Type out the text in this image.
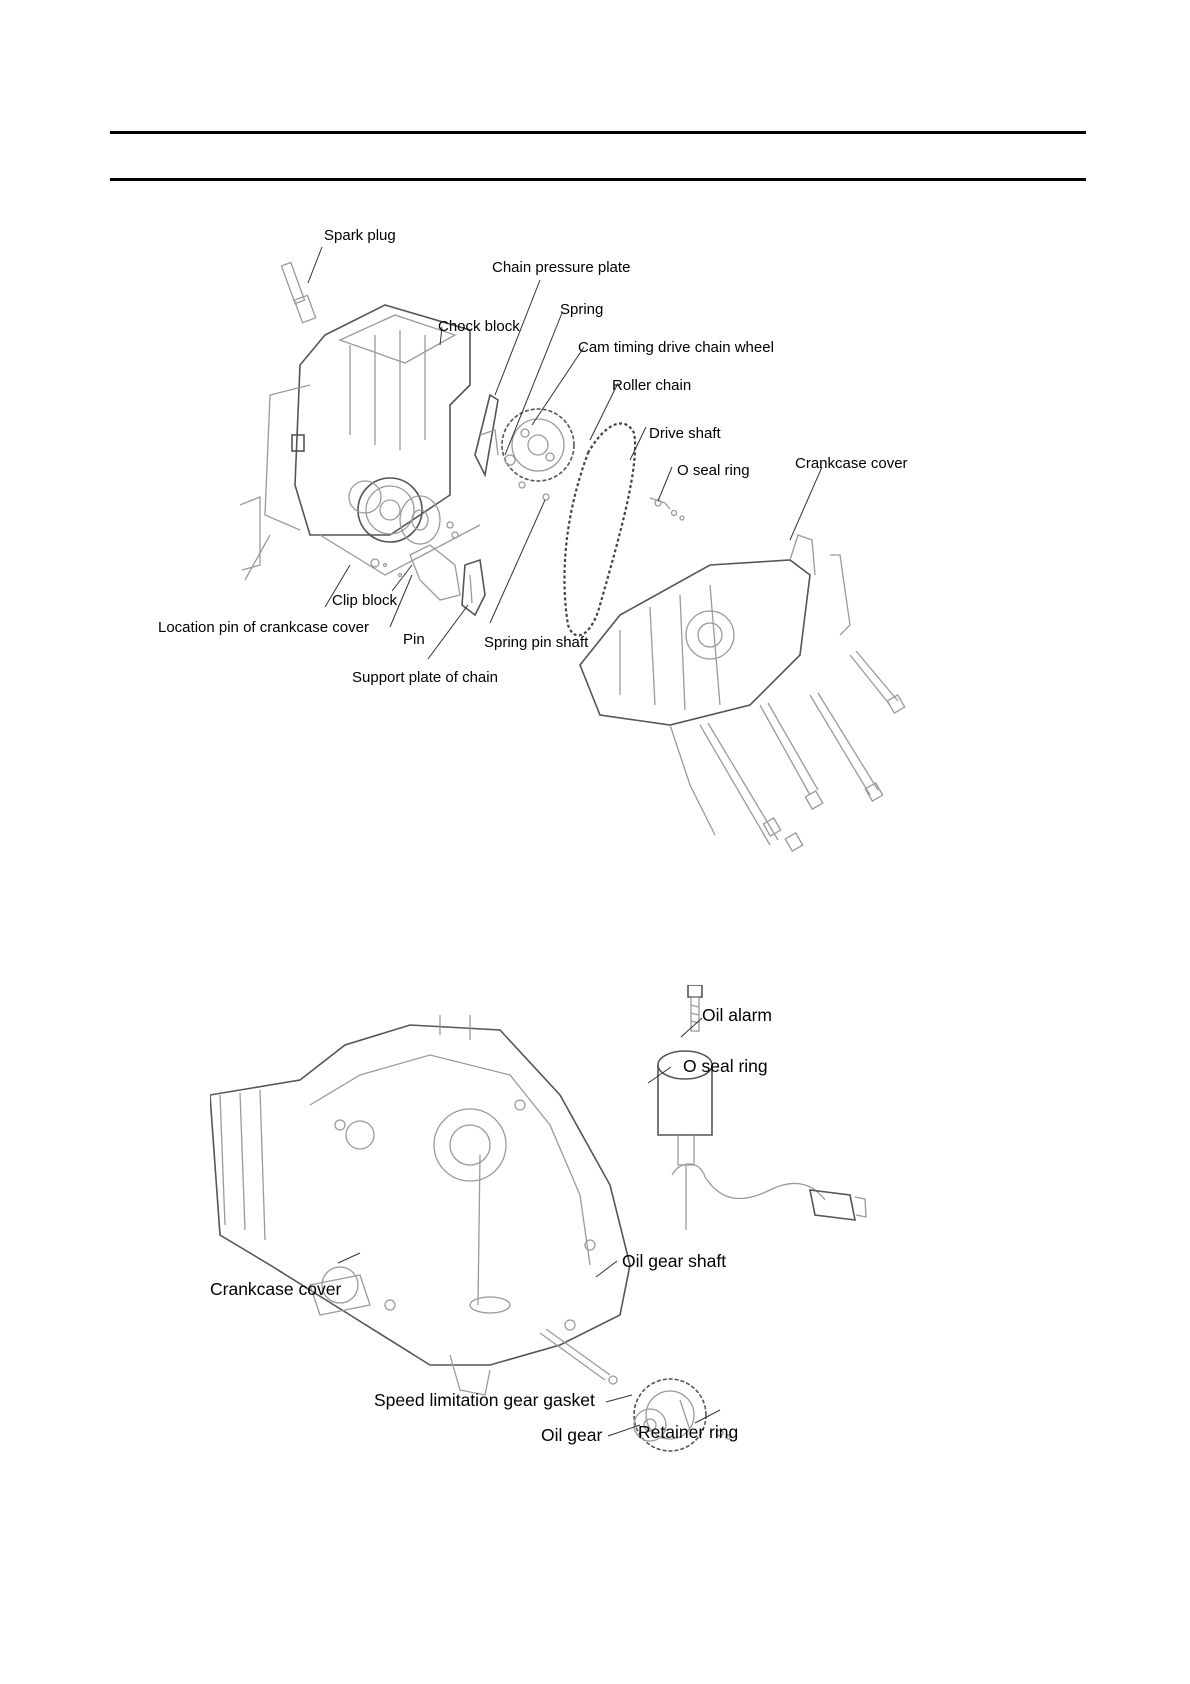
Spark plug
Chain pressure plate
Spring
Chock block
Cam timing drive chain wheel
Roller chain
Drive shaft
O seal ring	Crankcase cover
Clip block
Location pin of crankcase cover
Pin	Spring pin shaft
Support plate of chain
Oil alarm
O seal ring
Oil gear shaft
Crankcase cover
Speed limitation gear gasket
Oil gear Retainer ring
